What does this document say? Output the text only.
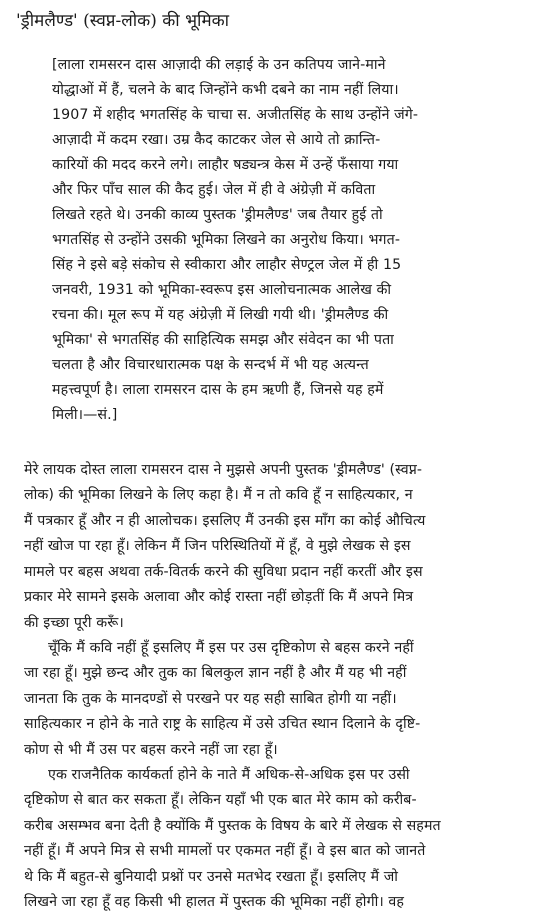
'ड्रीमलैण्ड' (स्वप्न-लोक) की भूमिका
[लाला रामसरन दास आज़ादी की लड़ाई के उन कतिपय जाने-माने
योद्धाओं में हैं, चलने के बाद जिन्होंने कभी दबने का नाम नहीं लिया।
1907 में शहीद भगतसिंह के चाचा स. अजीतसिंह के साथ उन्होंने जंगे-
आज़ादी में कदम रखा। उम्र कैद काटकर जेल से आये तो क्रान्ति-
कारियों की मदद करने लगे। लाहौर षड्यन्त्र केस में उन्हें फँसाया गया
और फिर पाँच साल की कैद हुई। जेल में ही वे अंग्रेज़ी में कविता
लिखते रहते थे। उनकी काव्य पुस्तक 'ड्रीमलैण्ड' जब तैयार हुई तो
भगतसिंह से उन्होंने उसकी भूमिका लिखने का अनुरोध किया। भगत-
सिंह ने इसे बड़े संकोच से स्वीकारा और लाहौर सेण्ट्रल जेल में ही 15
जनवरी, 1931 को भूमिका-स्वरूप इस आलोचनात्मक आलेख की
रचना की। मूल रूप में यह अंग्रेज़ी में लिखी गयी थी। 'ड्रीमलैण्ड की
भूमिका' से भगतसिंह की साहित्यिक समझ और संवेदन का भी पता
चलता है और विचारधारात्मक पक्ष के सन्दर्भ में भी यह अत्यन्त
महत्त्वपूर्ण है। लाला रामसरन दास के हम ऋणी हैं, जिनसे यह हमें
मिली।—सं.]
मेरे लायक दोस्त लाला रामसरन दास ने मुझसे अपनी पुस्तक 'ड्रीमलैण्ड' (स्वप्न-
लोक) की भूमिका लिखने के लिए कहा है। मैं न तो कवि हूँ न साहित्यकार, न
मैं पत्रकार हूँ और न ही आलोचक। इसलिए मैं उनकी इस माँग का कोई औचित्य
नहीं खोज पा रहा हूँ। लेकिन मैं जिन परिस्थितियों में हूँ, वे मुझे लेखक से इस
मामले पर बहस अथवा तर्क-वितर्क करने की सुविधा प्रदान नहीं करतीं और इस
प्रकार मेरे सामने इसके अलावा और कोई रास्ता नहीं छोड़तीं कि मैं अपने मित्र
की इच्छा पूरी करूँ।
चूँकि मैं कवि नहीं हूँ इसलिए मैं इस पर उस दृष्टिकोण से बहस करने नहीं
जा रहा हूँ। मुझे छन्द और तुक का बिलकुल ज्ञान नहीं है और मैं यह भी नहीं
जानता कि तुक के मानदण्डों से परखने पर यह सही साबित होगी या नहीं।
साहित्यकार न होने के नाते राष्ट्र के साहित्य में उसे उचित स्थान दिलाने के दृष्टि-
कोण से भी मैं उस पर बहस करने नहीं जा रहा हूँ।
एक राजनैतिक कार्यकर्ता होने के नाते मैं अधिक-से-अधिक इस पर उसी
दृष्टिकोण से बात कर सकता हूँ। लेकिन यहाँ भी एक बात मेरे काम को करीब-
करीब असम्भव बना देती है क्योंकि मैं पुस्तक के विषय के बारे में लेखक से सहमत
नहीं हूँ। मैं अपने मित्र से सभी मामलों पर एकमत नहीं हूँ। वे इस बात को जानते
थे कि मैं बहुत-से बुनियादी प्रश्नों पर उनसे मतभेद रखता हूँ। इसलिए मैं जो
लिखने जा रहा हूँ वह किसी भी हालत में पुस्तक की भूमिका नहीं होगी। वह
